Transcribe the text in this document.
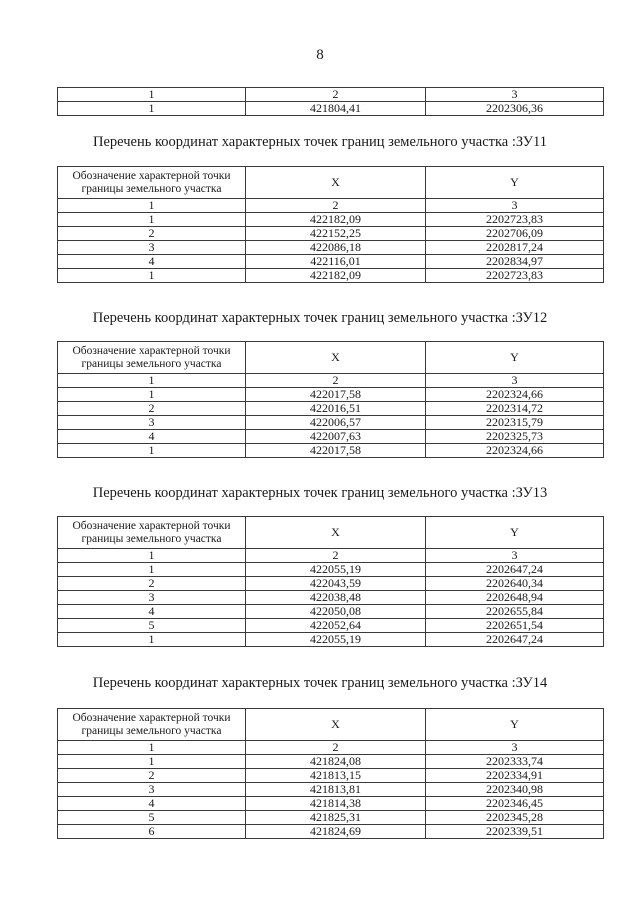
8
1	2	3
1	421804,41	2202306,36
Перечень координат характерных точек границ земельного участка :ЗУ11
Обозначение характерной точки границы земельного участка	X	Y
1	2	3
1	422182,09	2202723,83
2	422152,25	2202706,09
3	422086,18	2202817,24
4	422116,01	2202834,97
1	422182,09	2202723,83
Перечень координат характерных точек границ земельного участка :ЗУ12
Обозначение характерной точки границы земельного участка	X	Y
1	2	3
1	422017,58	2202324,66
2	422016,51	2202314,72
3	422006,57	2202315,79
4	422007,63	2202325,73
1	422017,58	2202324,66
Перечень координат характерных точек границ земельного участка :ЗУ13
Обозначение характерной точки границы земельного участка	X	Y
1	2	3
1	422055,19	2202647,24
2	422043,59	2202640,34
3	422038,48	2202648,94
4	422050,08	2202655,84
5	422052,64	2202651,54
1	422055,19	2202647,24
Перечень координат характерных точек границ земельного участка :ЗУ14
Обозначение характерной точки границы земельного участка	X	Y
1	2	3
1	421824,08	2202333,74
2	421813,15	2202334,91
3	421813,81	2202340,98
4	421814,38	2202346,45
5	421825,31	2202345,28
6	421824,69	2202339,51
